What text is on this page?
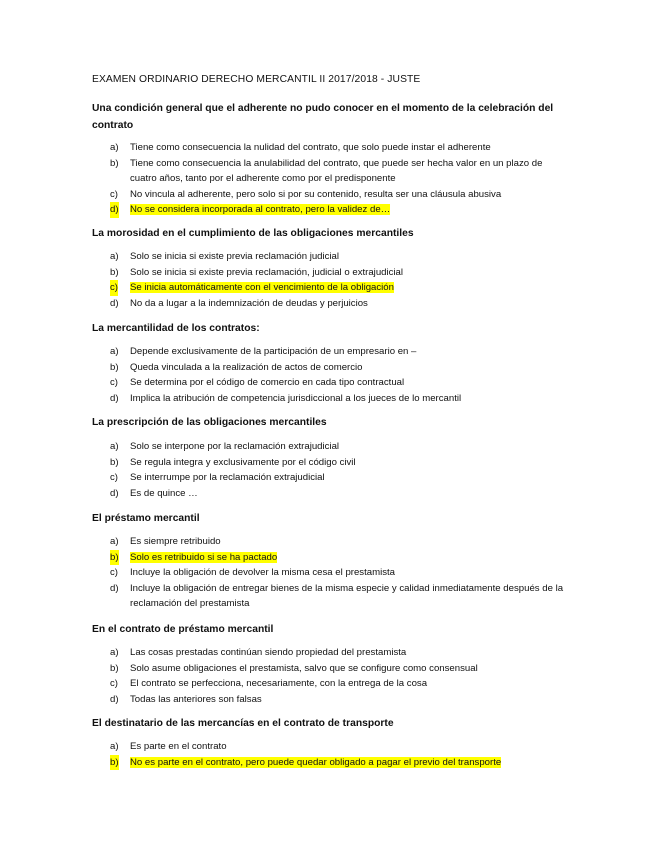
EXAMEN ORDINARIO DERECHO MERCANTIL II 2017/2018 - JUSTE
Una condición general que el adherente no pudo conocer en el momento de la celebración del contrato
a) Tiene como consecuencia la nulidad del contrato, que solo puede instar el adherente
b) Tiene como consecuencia la anulabilidad del contrato, que puede ser hecha valor en un plazo de cuatro años, tanto por el adherente como por el predisponente
c) No vincula al adherente, pero solo si por su contenido, resulta ser una cláusula abusiva
d) No se considera incorporada al contrato, pero la validez de…
La morosidad en el cumplimiento de las obligaciones mercantiles
a) Solo se inicia si existe previa reclamación judicial
b) Solo se inicia si existe previa reclamación, judicial o extrajudicial
c) Se inicia automáticamente con el vencimiento de la obligación
d) No da a lugar a la indemnización de deudas y perjuicios
La mercantilidad de los contratos:
a) Depende exclusivamente de la participación de un empresario en –
b) Queda vinculada a la realización de actos de comercio
c) Se determina por el código de comercio en cada tipo contractual
d) Implica la atribución de competencia jurisdiccional a los jueces de lo mercantil
La prescripción de las obligaciones mercantiles
a) Solo se interpone por la reclamación extrajudicial
b) Se regula integra y exclusivamente por el código civil
c) Se interrumpe por la reclamación extrajudicial
d) Es de quince …
El préstamo mercantil
a) Es siempre retribuido
b) Solo es retribuido si se ha pactado
c) Incluye la obligación de devolver la misma cesa el prestamista
d) Incluye la obligación de entregar bienes de la misma especie y calidad inmediatamente después de la reclamación del prestamista
En el contrato de préstamo mercantil
a) Las cosas prestadas continúan siendo propiedad del prestamista
b) Solo asume obligaciones el prestamista, salvo que se configure como consensual
c) El contrato se perfecciona, necesariamente, con la entrega de la cosa
d) Todas las anteriores son falsas
El destinatario de las mercancías en el contrato de transporte
a) Es parte en el contrato
b) No es parte en el contrato, pero puede quedar obligado a pagar el previo del transporte
